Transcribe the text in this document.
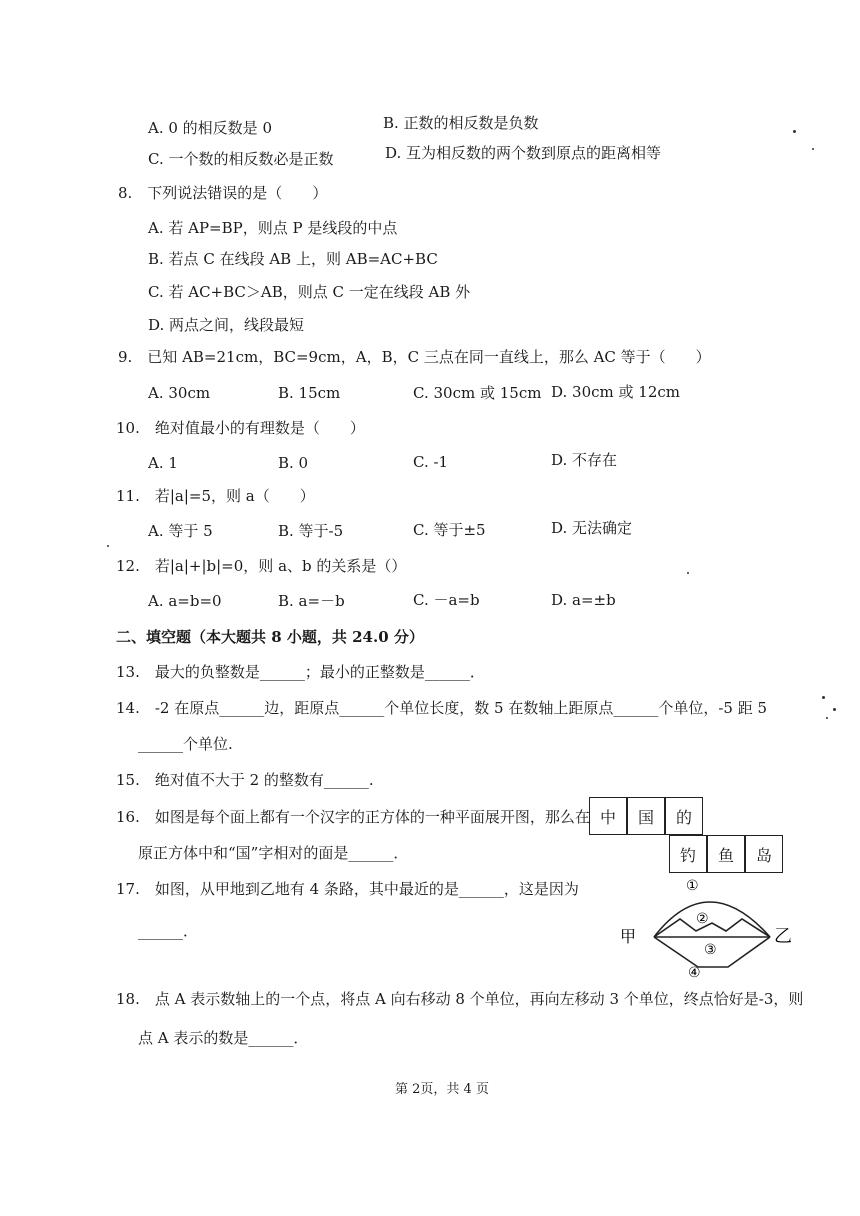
A. 0 的相反数是 0	B. 正数的相反数是负数
C. 一个数的相反数必是正数	D. 互为相反数的两个数到原点的距离相等
8.　下列说法错误的是（　　）
A. 若 AP=BP，则点 P 是线段的中点
B. 若点 C 在线段 AB 上，则 AB=AC+BC
C. 若 AC+BC＞AB，则点 C 一定在线段 AB 外
D. 两点之间，线段最短
9.　已知 AB=21cm，BC=9cm，A，B，C 三点在同一直线上，那么 AC 等于（　　）
A. 30cm	B. 15cm	C. 30cm 或 15cm D. 30cm 或 12cm
10.　绝对值最小的有理数是（　　）
A. 1	B. 0	C. -1	D. 不存在
11.　若|a|=5，则 a（　　）
A. 等于 5	B. 等于-5	C. 等于±5	D. 无法确定
12.　若|a|+|b|=0，则 a、b 的关系是（）
A. a=b=0	B. a=－b	C. －a=b	D. a=±b
二、填空题（本大题共 8 小题，共 24.0 分）
13.　最大的负整数是______；最小的正整数是______．
14.　-2 在原点______边，距原点______个单位长度，数 5 在数轴上距原点______个单位，-5 距 5
______个单位.
15.　绝对值不大于 2 的整数有______.
16.　如图是每个面上都有一个汉字的正方体的一种平面展开图，那么在
原正方体中和“国”字相对的面是______．
中	国	的
钓	鱼	岛
17.　如图，从甲地到乙地有 4 条路，其中最近的是______，这是因为
______．	甲	乙
①
②
③
④
18.　点 A 表示数轴上的一个点，将点 A 向右移动 8 个单位，再向左移动 3 个单位，终点恰好是-3，则
点 A 表示的数是______．
第 2页，共 4 页
